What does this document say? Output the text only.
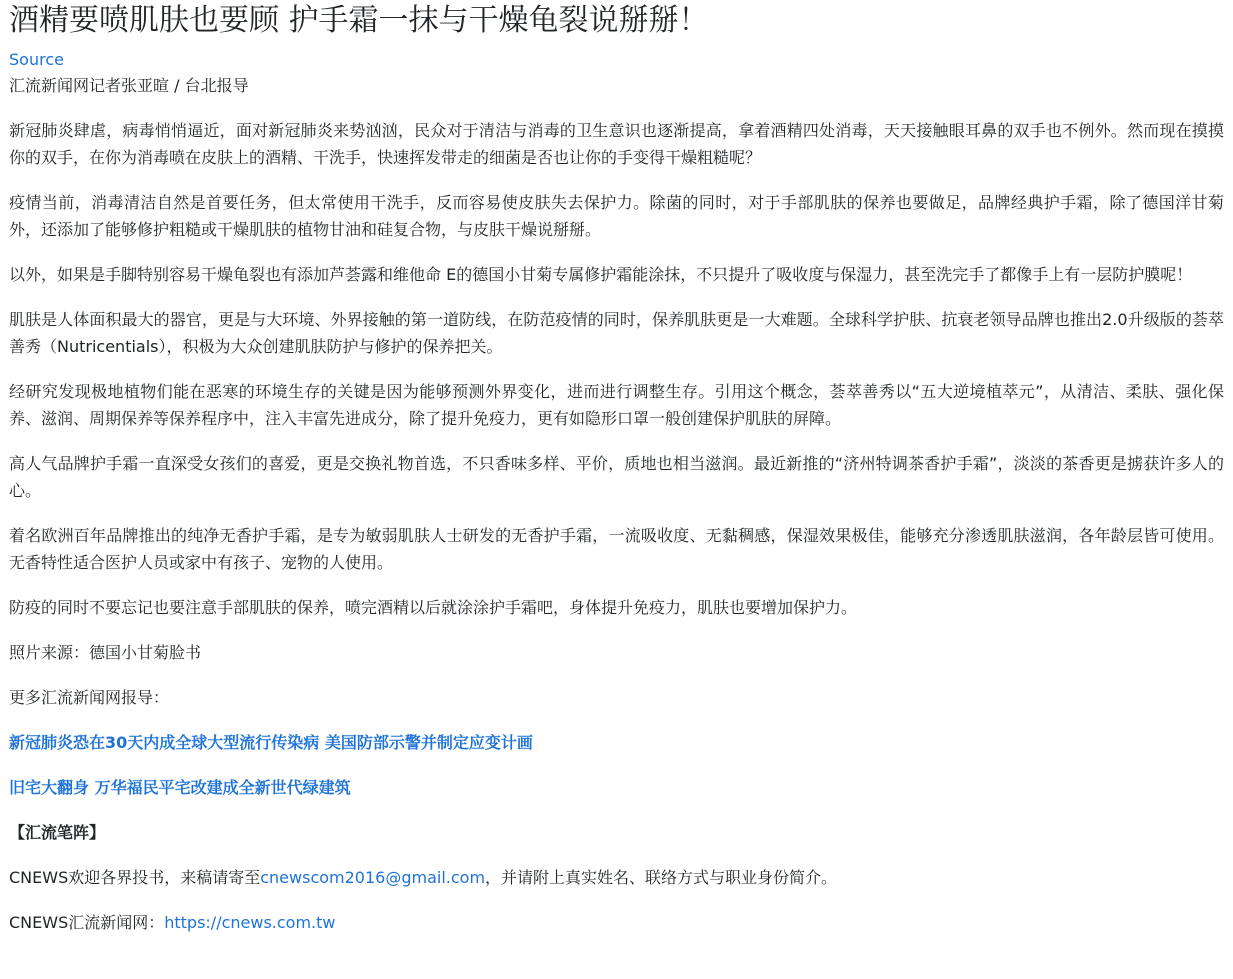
酒精要喷肌肤也要顾 护手霜一抹与干燥龟裂说掰掰！
Source
汇流新闻网记者张亚暄 / 台北报导

新冠肺炎肆虐，病毒悄悄逼近，面对新冠肺炎来势汹汹，民众对于清洁与消毒的卫生意识也逐渐提高，拿着酒精四处消毒，天天接触眼耳鼻的双手也不例外。然而现在摸摸你的双手，在你为消毒喷在皮肤上的酒精、干洗手，快速挥发带走的细菌是否也让你的手变得干燥粗糙呢？

疫情当前，消毒清洁自然是首要任务，但太常使用干洗手，反而容易使皮肤失去保护力。除菌的同时，对于手部肌肤的保养也要做足，品牌经典护手霜，除了德国洋甘菊外，还添加了能够修护粗糙或干燥肌肤的植物甘油和硅复合物，与皮肤干燥说掰掰。

以外，如果是手脚特别容易干燥龟裂也有添加芦荟露和维他命 E的德国小甘菊专属修护霜能涂抹，不只提升了吸收度与保湿力，甚至洗完手了都像手上有一层防护膜呢！

肌肤是人体面积最大的器官，更是与大环境、外界接触的第一道防线，在防范疫情的同时，保养肌肤更是一大难题。全球科学护肤、抗衰老领导品牌也推出2.0升级版的荟萃善秀（Nutricentials），积极为大众创建肌肤防护与修护的保养把关。

经研究发现极地植物们能在恶寒的环境生存的关键是因为能够预测外界变化，进而进行调整生存。引用这个概念，荟萃善秀以“五大逆境植萃元”，从清洁、柔肤、强化保养、滋润、周期保养等保养程序中，注入丰富先进成分，除了提升免疫力，更有如隐形口罩一般创建保护肌肤的屏障。

高人气品牌护手霜一直深受女孩们的喜爱，更是交换礼物首选，不只香味多样、平价，质地也相当滋润。最近新推的“济州特调茶香护手霜”，淡淡的茶香更是掳获许多人的心。

着名欧洲百年品牌推出的纯净无香护手霜，是专为敏弱肌肤人士研发的无香护手霜，一流吸收度、无黏稠感，保湿效果极佳，能够充分渗透肌肤滋润，各年龄层皆可使用。无香特性适合医护人员或家中有孩子、宠物的人使用。

防疫的同时不要忘记也要注意手部肌肤的保养，喷完酒精以后就涂涂护手霜吧，身体提升免疫力，肌肤也要增加保护力。

照片来源：德国小甘菊脸书

更多汇流新闻网报导：

新冠肺炎恐在30天内成全球大型流行传染病 美国防部示警并制定应变计画

旧宅大翻身 万华福民平宅改建成全新世代绿建筑

【汇流笔阵】

CNEWS欢迎各界投书，来稿请寄至cnewscom2016@gmail.com，并请附上真实姓名、联络方式与职业身份简介。

CNEWS汇流新闻网：https://cnews.com.tw
